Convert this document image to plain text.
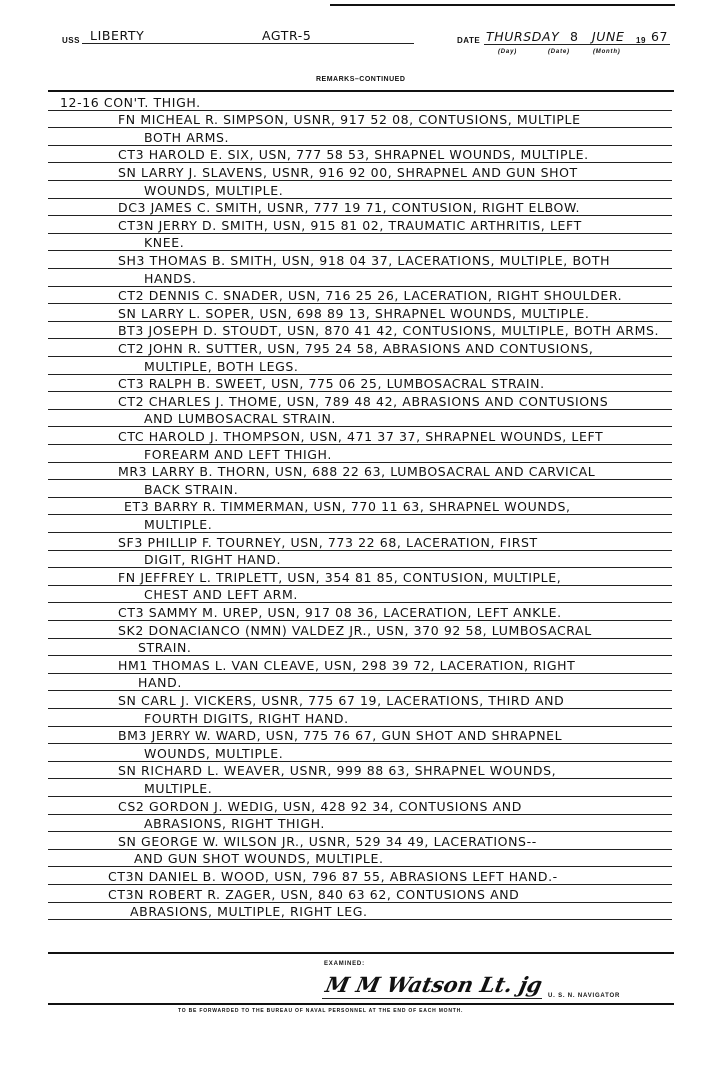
USS LIBERTY	AGTR-5	DATE THURSDAY 8 JUNE 19 67
(Day)	(Date)	(Month)
REMARKS–CONTINUED
12-16 CON'T. THIGH.
FN MICHEAL R. SIMPSON, USNR, 917 52 08, CONTUSIONS, MULTIPLE
BOTH ARMS.
CT3 HAROLD E. SIX, USN, 777 58 53, SHRAPNEL WOUNDS, MULTIPLE.
SN LARRY J. SLAVENS, USNR, 916 92 00, SHRAPNEL AND GUN SHOT
WOUNDS, MULTIPLE.
DC3 JAMES C. SMITH, USNR, 777 19 71, CONTUSION, RIGHT ELBOW.
CT3N JERRY D. SMITH, USN, 915 81 02, TRAUMATIC ARTHRITIS, LEFT
KNEE.
SH3 THOMAS B. SMITH, USN, 918 04 37, LACERATIONS, MULTIPLE, BOTH
HANDS.
CT2 DENNIS C. SNADER, USN, 716 25 26, LACERATION, RIGHT SHOULDER.
SN LARRY L. SOPER, USN, 698 89 13, SHRAPNEL WOUNDS, MULTIPLE.
BT3 JOSEPH D. STOUDT, USN, 870 41 42, CONTUSIONS, MULTIPLE, BOTH ARMS.
CT2 JOHN R. SUTTER, USN, 795 24 58, ABRASIONS AND CONTUSIONS,
MULTIPLE, BOTH LEGS.
CT3 RALPH B. SWEET, USN, 775 06 25, LUMBOSACRAL STRAIN.
CT2 CHARLES J. THOME, USN, 789 48 42, ABRASIONS AND CONTUSIONS
AND LUMBOSACRAL STRAIN.
CTC HAROLD J. THOMPSON, USN, 471 37 37, SHRAPNEL WOUNDS, LEFT
FOREARM AND LEFT THIGH.
MR3 LARRY B. THORN, USN, 688 22 63, LUMBOSACRAL AND CARVICAL
BACK STRAIN.
ET3 BARRY R. TIMMERMAN, USN, 770 11 63, SHRAPNEL WOUNDS,
MULTIPLE.
SF3 PHILLIP F. TOURNEY, USN, 773 22 68, LACERATION, FIRST
DIGIT, RIGHT HAND.
FN JEFFREY L. TRIPLETT, USN, 354 81 85, CONTUSION, MULTIPLE,
CHEST AND LEFT ARM.
CT3 SAMMY M. UREP, USN, 917 08 36, LACERATION, LEFT ANKLE.
SK2 DONACIANCO (NMN) VALDEZ JR., USN, 370 92 58, LUMBOSACRAL
STRAIN.
HM1 THOMAS L. VAN CLEAVE, USN, 298 39 72, LACERATION, RIGHT
HAND.
SN CARL J. VICKERS, USNR, 775 67 19, LACERATIONS, THIRD AND
FOURTH DIGITS, RIGHT HAND.
BM3 JERRY W. WARD, USN, 775 76 67, GUN SHOT AND SHRAPNEL
WOUNDS, MULTIPLE.
SN RICHARD L. WEAVER, USNR, 999 88 63, SHRAPNEL WOUNDS,
MULTIPLE.
CS2 GORDON J. WEDIG, USN, 428 92 34, CONTUSIONS AND
ABRASIONS, RIGHT THIGH.
SN GEORGE W. WILSON JR., USNR, 529 34 49, LACERATIONS--
AND GUN SHOT WOUNDS, MULTIPLE.
CT3N DANIEL B. WOOD, USN, 796 87 55, ABRASIONS LEFT HAND.-
CT3N ROBERT R. ZAGER, USN, 840 63 62, CONTUSIONS AND
ABRASIONS, MULTIPLE, RIGHT LEG.
EXAMINED:
M M Watson Lt. jg U. S. N. NAVIGATOR
TO BE FORWARDED TO THE BUREAU OF NAVAL PERSONNEL AT THE END OF EACH MONTH.
